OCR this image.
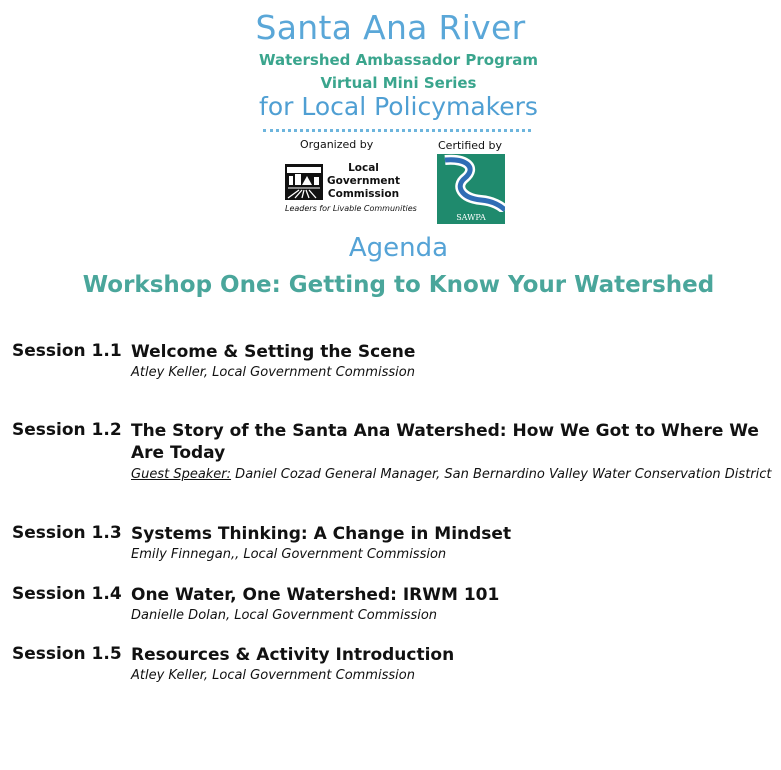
Santa Ana River
Watershed Ambassador Program
Virtual Mini Series
for Local Policymakers
Organized by	Certified by
Local
Government
Commission
Leaders for Livable Communities
SAWPA
Agenda
Workshop One: Getting to Know Your Watershed
Session 1.1 Welcome & Setting the Scene
Atley Keller, Local Government Commission
Session 1.2 The Story of the Santa Ana Watershed: How We Got to Where We Are Today
Guest Speaker: Daniel Cozad General Manager, San Bernardino Valley Water Conservation District
Session 1.3 Systems Thinking: A Change in Mindset
Emily Finnegan,, Local Government Commission
Session 1.4 One Water, One Watershed: IRWM 101
Danielle Dolan, Local Government Commission
Session 1.5 Resources & Activity Introduction
Atley Keller, Local Government Commission
